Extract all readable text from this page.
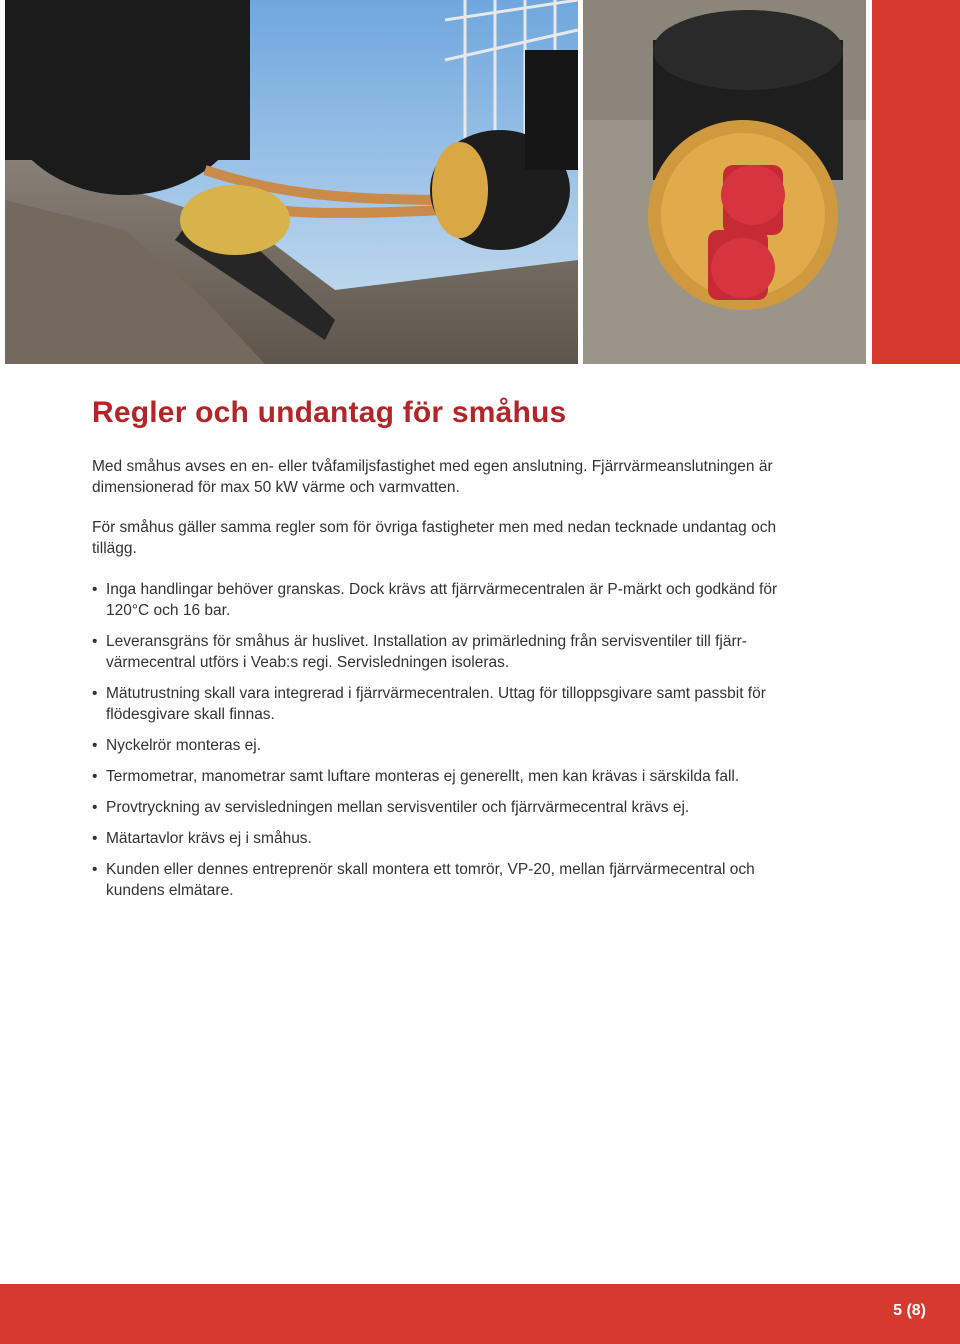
Regler och undantag för småhus

Med småhus avses en en- eller tvåfamiljsfastighet med egen anslutning. Fjärrvärmeanslutningen är dimensionerad för max 50 kW värme och varmvatten.

För småhus gäller samma regler som för övriga fastigheter men med nedan tecknade undantag och tillägg.

• Inga handlingar behöver granskas. Dock krävs att fjärrvärmecentralen är P-märkt och godkänd för 120°C och 16 bar.
• Leveransgräns för småhus är huslivet. Installation av primärledning från servisventiler till fjärr-värmecentral utförs i Veab:s regi. Servisledningen isoleras.
• Mätutrustning skall vara integrerad i fjärrvärmecentralen. Uttag för tilloppsgivare samt passbit för flödesgivare skall finnas.
• Nyckelrör monteras ej.
• Termometrar, manometrar samt luftare monteras ej generellt, men kan krävas i särskilda fall.
• Provtryckning av servisledningen mellan servisventiler och fjärrvärmecentral krävs ej.
• Mätartavlor krävs ej i småhus.
• Kunden eller dennes entreprenör skall montera ett tomrör, VP-20, mellan fjärrvärmecentral och kundens elmätare.
5 (8)
